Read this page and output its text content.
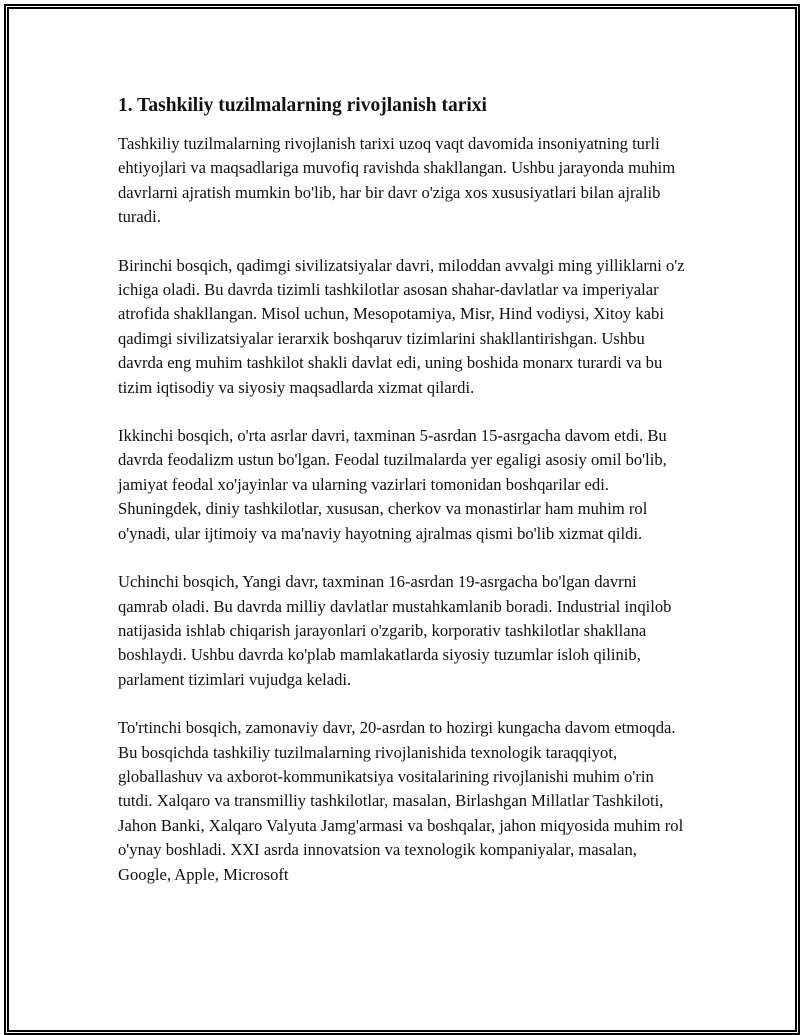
1. Tashkiliy tuzilmalarning rivojlanish tarixi

Tashkiliy tuzilmalarning rivojlanish tarixi uzoq vaqt davomida insoniyatning turli ehtiyojlari va maqsadlariga muvofiq ravishda shakllangan. Ushbu jarayonda muhim davrlarni ajratish mumkin bo'lib, har bir davr o'ziga xos xususiyatlari bilan ajralib turadi.

Birinchi bosqich, qadimgi sivilizatsiyalar davri, miloddan avvalgi ming yilliklarni o'z ichiga oladi. Bu davrda tizimli tashkilotlar asosan shahar-davlatlar va imperiyalar atrofida shakllangan. Misol uchun, Mesopotamiya, Misr, Hind vodiysi, Xitoy kabi qadimgi sivilizatsiyalar ierarxik boshqaruv tizimlarini shakllantirishgan. Ushbu davrda eng muhim tashkilot shakli davlat edi, uning boshida monarx turardi va bu tizim iqtisodiy va siyosiy maqsadlarda xizmat qilardi.

Ikkinchi bosqich, o'rta asrlar davri, taxminan 5-asrdan 15-asrgacha davom etdi. Bu davrda feodalizm ustun bo'lgan. Feodal tuzilmalarda yer egaligi asosiy omil bo'lib, jamiyat feodal xo'jayinlar va ularning vazirlari tomonidan boshqarilar edi. Shuningdek, diniy tashkilotlar, xususan, cherkov va monastirlar ham muhim rol o'ynadi, ular ijtimoiy va ma'naviy hayotning ajralmas qismi bo'lib xizmat qildi.

Uchinchi bosqich, Yangi davr, taxminan 16-asrdan 19-asrgacha bo'lgan davrni qamrab oladi. Bu davrda milliy davlatlar mustahkamlanib boradi. Industrial inqilob natijasida ishlab chiqarish jarayonlari o'zgarib, korporativ tashkilotlar shakllana boshlaydi. Ushbu davrda ko'plab mamlakatlarda siyosiy tuzumlar isloh qilinib, parlament tizimlari vujudga keladi.

To'rtinchi bosqich, zamonaviy davr, 20-asrdan to hozirgi kungacha davom etmoqda. Bu bosqichda tashkiliy tuzilmalarning rivojlanishida texnologik taraqqiyot, globallashuv va axborot-kommunikatsiya vositalarining rivojlanishi muhim o'rin tutdi. Xalqaro va transmilliy tashkilotlar, masalan, Birlashgan Millatlar Tashkiloti, Jahon Banki, Xalqaro Valyuta Jamg'armasi va boshqalar, jahon miqyosida muhim rol o'ynay boshladi. XXI asrda innovatsion va texnologik kompaniyalar, masalan, Google, Apple, Microsoft
